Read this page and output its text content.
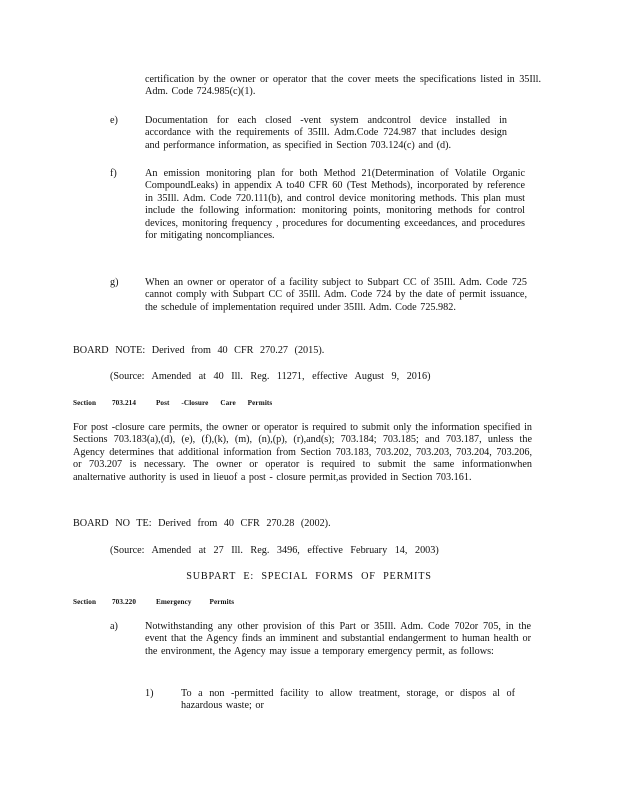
certification by the owner or operator that the cover meets the specifications listed in 35Ill. Adm. Code 724.985(c)(1).

e)	Documentation for each closed -vent system andcontrol device installed in accordance with the requirements of 35Ill. Adm.Code 724.987 that includes design and performance information, as specified in Section 703.124(c) and (d).

f)	An emission monitoring plan for both Method 21(Determination of Volatile Organic CompoundLeaks) in appendix A to40 CFR 60 (Test Methods), incorporated by reference in 35Ill. Adm. Code 720.111(b), and control device monitoring methods. This plan must include the following information: monitoring points, monitoring methods for control devices, monitoring frequency , procedures for documenting exceedances, and procedures for mitigating noncompliances.

g)	When an owner or operator of a facility subject to Subpart CC of 35Ill. Adm. Code 725 cannot comply with Subpart CC of 35Ill. Adm. Code 724 by the date of permit issuance, the schedule of implementation required under 35Ill. Adm. Code 725.982.

BOARD NOTE: Derived from 40 CFR 270.27 (2015).

(Source: Amended at 40 Ill. Reg. 11271, effective August 9, 2016)

Section 703.214	Post -Closure Care Permits

For post -closure care permits, the owner or operator is required to submit only the information specified in Sections 703.183(a),(d), (e), (f),(k), (m), (n),(p), (r),and(s); 703.184; 703.185; and 703.187, unless the Agency determines that additional information from Section 703.183, 703.202, 703.203, 703.204, 703.206, or 703.207 is necessary. The owner or operator is required to submit the same informationwhen analternative authority is used in lieuof a post - closure permit,as provided in Section 703.161.

BOARD NO TE: Derived from 40 CFR 270.28 (2002).

(Source: Amended at 27 Ill. Reg. 3496, effective February 14, 2003)

SUBPART E: SPECIAL FORMS OF PERMITS

Section 703.220	Emergency Permits
a)	Notwithstanding any other provision of this Part or 35Ill. Adm. Code 702or 705, in the event that the Agency finds an imminent and substantial endangerment to human health or the environment, the Agency may issue a temporary emergency permit, as follows:

1)	To a non -permitted facility to allow treatment, storage, or dispos al of hazardous waste; or
